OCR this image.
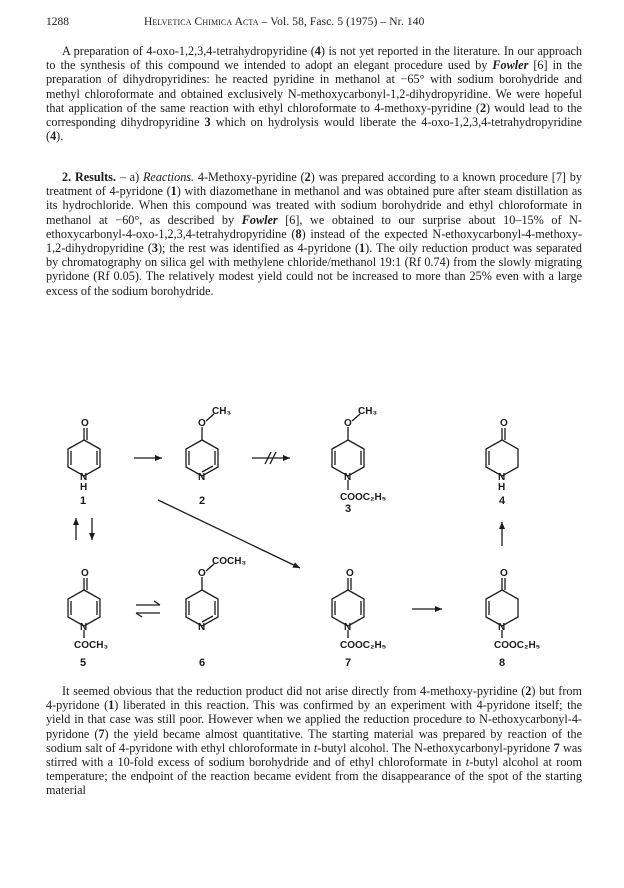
1288	Helvetica Chimica Acta – Vol. 58, Fasc. 5 (1975) – Nr. 140

A preparation of 4-oxo-1,2,3,4-tetrahydropyridine (4) is not yet reported in the literature. In our approach to the synthesis of this compound we intended to adopt an elegant procedure used by Fowler [6] in the preparation of dihydropyridines: he reacted pyridine in methanol at −65° with sodium borohydride and methyl chloroformate and obtained exclusively N-methoxycarbonyl-1,2-dihydropyridine. We were hopeful that application of the same reaction with ethyl chloroformate to 4-methoxy-pyridine (2) would lead to the corresponding dihydropyridine 3 which on hydrolysis would liberate the 4-oxo-1,2,3,4-tetrahydropyridine (4).

2. Results. – a) Reactions. 4-Methoxy-pyridine (2) was prepared according to a known procedure [7] by treatment of 4-pyridone (1) with diazomethane in methanol and was obtained pure after steam distillation as its hydrochloride. When this compound was treated with sodium borohydride and ethyl chloroformate in methanol at −60°, as described by Fowler [6], we obtained to our surprise about 10–15% of N-ethoxycarbonyl-4-oxo-1,2,3,4-tetrahydropyridine (8) instead of the expected N-ethoxycarbonyl-4-methoxy-1,2-dihydropyridine (3); the rest was identified as 4-pyridone (1). The oily reduction product was separated by chromatography on silica gel with methylene chloride/methanol 19:1 (Rf 0.74) from the slowly migrating pyridone (Rf 0.05). The relatively modest yield could not be increased to more than 25% even with a large excess of the sodium borohydride.

O
N
H
O
CH₃
N
O
CH₃
N
COOC₂H₅
O
N
H
O
N
COCH₃
O
COCH₃
N
O
N
COOC₂H₅
O
N
COOC₂H₅
1	2
3
4
5	6	7	8

It seemed obvious that the reduction product did not arise directly from 4-methoxy-pyridine (2) but from 4-pyridone (1) liberated in this reaction. This was confirmed by an experiment with 4-pyridone itself; the yield in that case was still poor. However when we applied the reduction procedure to N-ethoxycarbonyl-4-pyridone (7) the yield became almost quantitative. The starting material was prepared by reaction of the sodium salt of 4-pyridone with ethyl chloroformate in t-butyl alcohol. The N-ethoxycarbonyl-pyridone 7 was stirred with a 10-fold excess of sodium borohydride and of ethyl chloroformate in t-butyl alcohol at room temperature; the endpoint of the reaction became evident from the disappearance of the spot of the starting material
